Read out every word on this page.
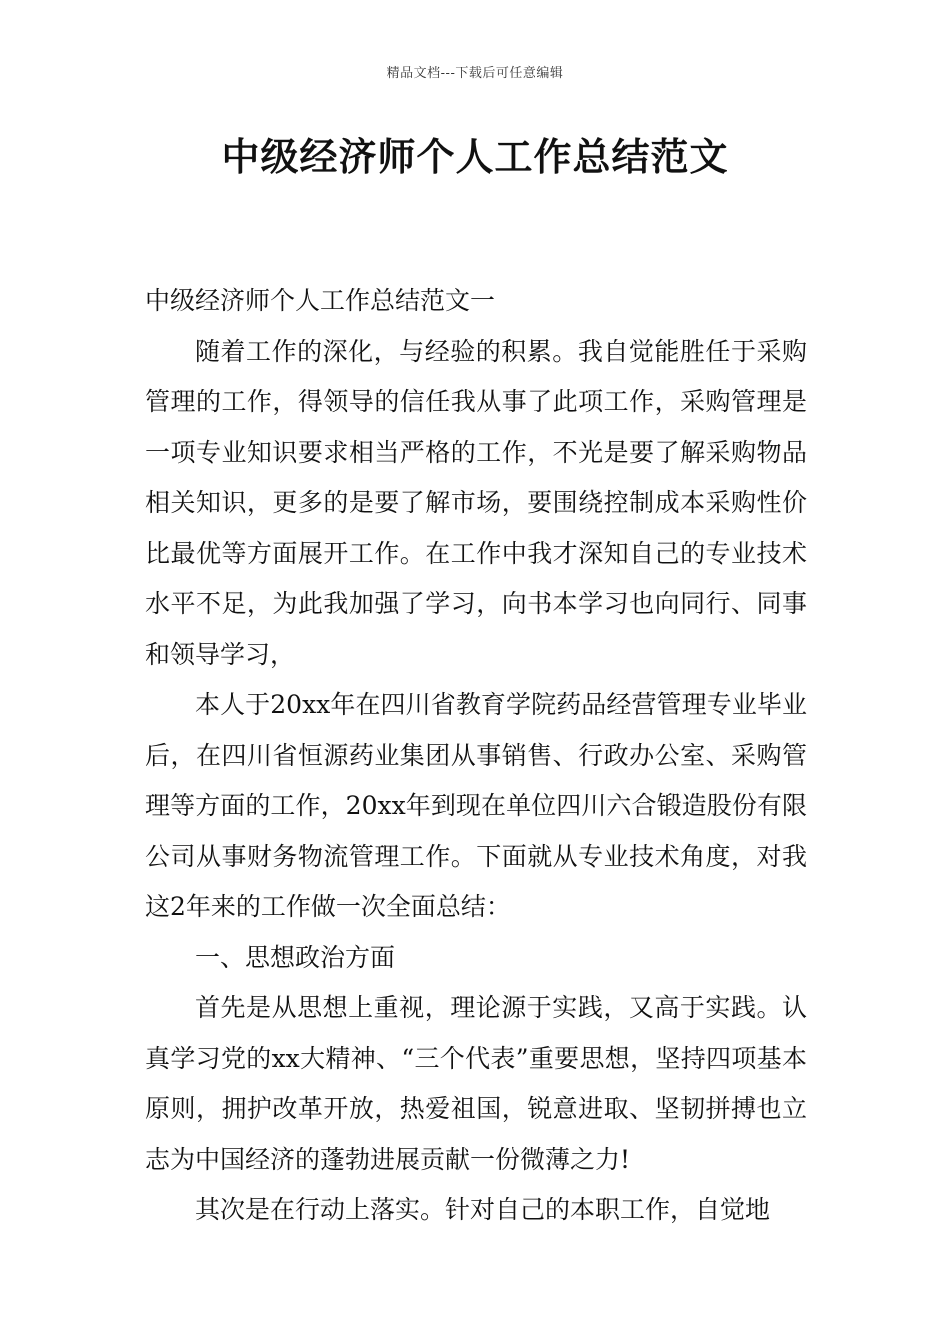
精品文档---下载后可任意编辑
中级经济师个人工作总结范文

中级经济师个人工作总结范文一

随着工作的深化，与经验的积累。我自觉能胜任于采购管理的工作，得领导的信任我从事了此项工作，采购管理是一项专业知识要求相当严格的工作，不光是要了解采购物品相关知识，更多的是要了解市场，要围绕控制成本采购性价比最优等方面展开工作。在工作中我才深知自己的专业技术水平不足，为此我加强了学习，向书本学习也向同行、同事和领导学习，

本人于20xx年在四川省教育学院药品经营管理专业毕业后，在四川省恒源药业集团从事销售、行政办公室、采购管理等方面的工作，20xx年到现在单位四川六合锻造股份有限公司从事财务物流管理工作。下面就从专业技术角度，对我这2年来的工作做一次全面总结：

一、思想政治方面

首先是从思想上重视，理论源于实践，又高于实践。认真学习党的xx大精神、“三个代表”重要思想，坚持四项基本原则，拥护改革开放，热爱祖国，锐意进取、坚韧拼搏也立志为中国经济的蓬勃进展贡献一份微薄之力!

其次是在行动上落实。针对自己的本职工作，自觉地
